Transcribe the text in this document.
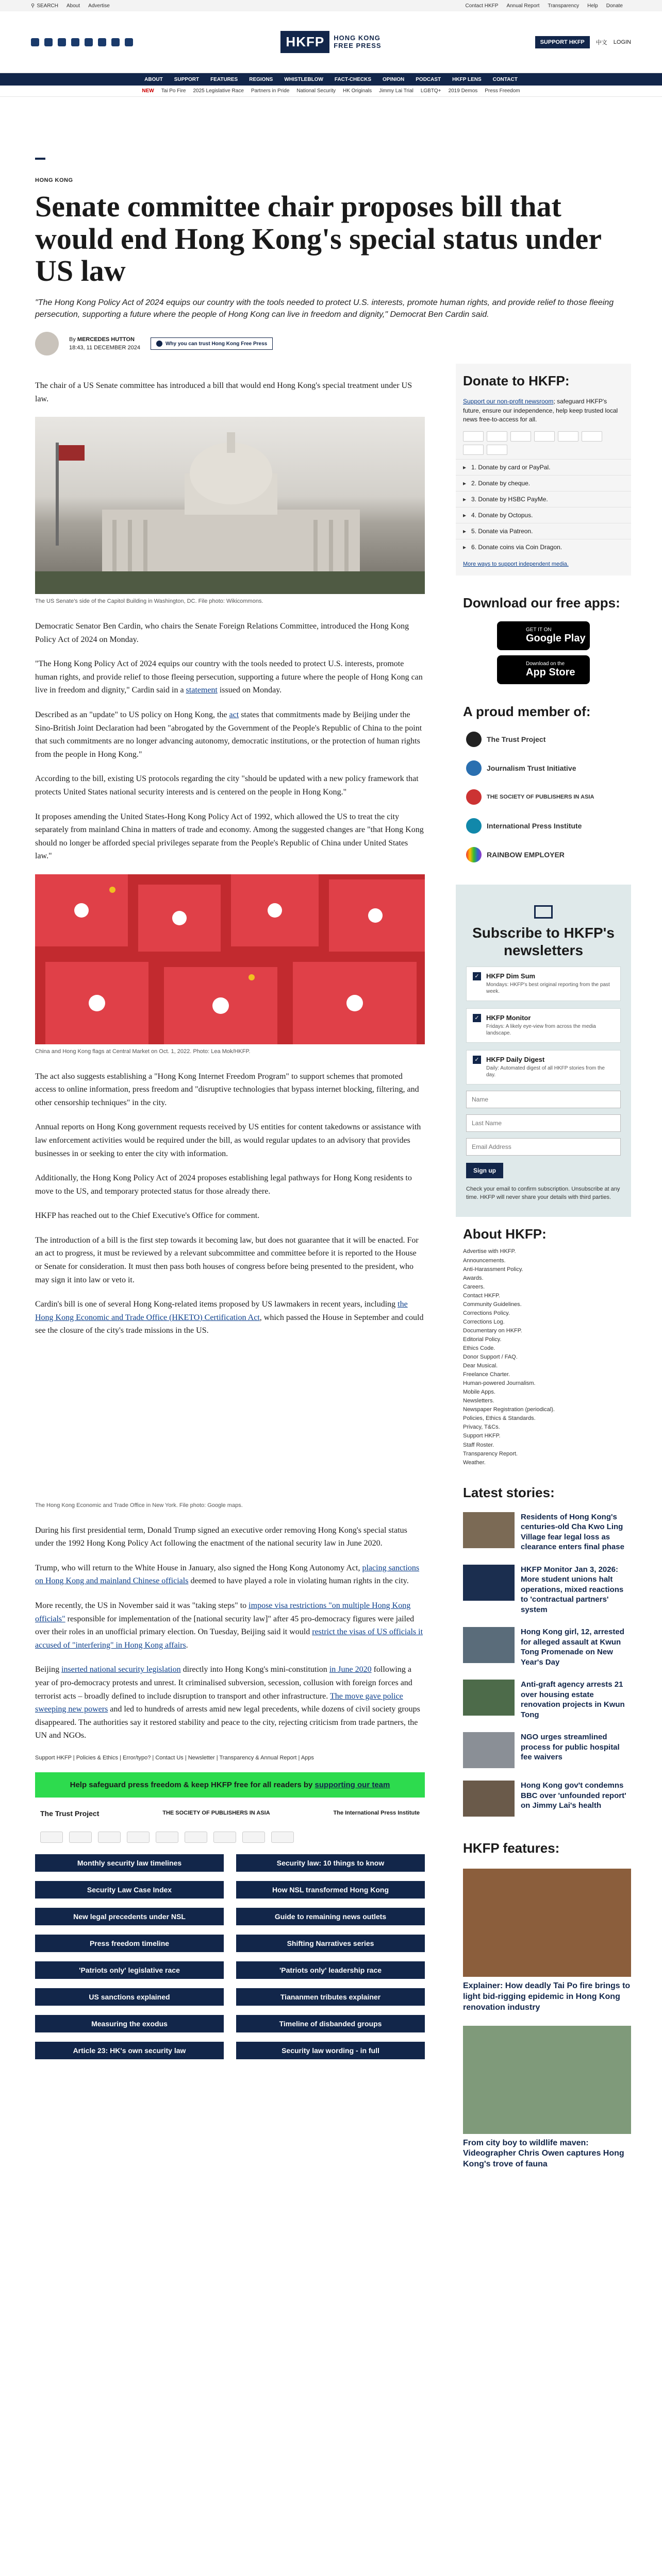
⚲ SEARCH About Advertise	Contact HKFP Annual Report Transparency Help Donate
HKFP	HONG KONG
FREE PRESS	SUPPORT HKFP	中文 LOGIN
ABOUT SUPPORT FEATURES REGIONS WHISTLEBLOW FACT-CHECKS OPINION PODCAST HKFP LENS CONTACT
NEW Tai Po Fire 2025 Legislative Race Partners in Pride National Security HK Originals Jimmy Lai Trial LGBTQ+ 2019 Demos Press Freedom
HONG KONG
Senate committee chair proposes bill that would end Hong Kong's special status under US law

"The Hong Kong Policy Act of 2024 equips our country with the tools needed to protect U.S. interests, promote human rights, and provide relief to those fleeing persecution, supporting a future where the people of Hong Kong can live in freedom and dignity," Democrat Ben Cardin said.

By MERCEDES HUTTON
18:43, 11 DECEMBER 2024
Why you can trust Hong Kong Free Press

The chair of a US Senate committee has introduced a bill that would end Hong Kong's special treatment under US law.

The US Senate's side of the Capitol Building in Washington, DC. File photo: Wikicommons.

Democratic Senator Ben Cardin, who chairs the Senate Foreign Relations Committee, introduced the Hong Kong Policy Act of 2024 on Monday.

"The Hong Kong Policy Act of 2024 equips our country with the tools needed to protect U.S. interests, promote human rights, and provide relief to those fleeing persecution, supporting a future where the people of Hong Kong can live in freedom and dignity," Cardin said in a statement issued on Monday.

Described as an "update" to US policy on Hong Kong, the act states that commitments made by Beijing under the Sino-British Joint Declaration had been "abrogated by the Government of the People's Republic of China to the point that such commitments are no longer advancing autonomy, democratic institutions, or the protection of human rights from the people in Hong Kong."

According to the bill, existing US protocols regarding the city "should be updated with a new policy framework that protects United States national security interests and is centered on the people in Hong Kong."

It proposes amending the United States-Hong Kong Policy Act of 1992, which allowed the US to treat the city separately from mainland China in matters of trade and economy. Among the suggested changes are "that Hong Kong should no longer be afforded special privileges separate from the People's Republic of China under United States law."

China and Hong Kong flags at Central Market on Oct. 1, 2022. Photo: Lea Mok/HKFP.

The act also suggests establishing a "Hong Kong Internet Freedom Program" to support schemes that promoted access to online information, press freedom and "disruptive technologies that bypass internet blocking, filtering, and other censorship techniques" in the city.

Annual reports on Hong Kong government requests received by US entities for content takedowns or assistance with law enforcement activities would be required under the bill, as would regular updates to an advisory that provides businesses in or seeking to enter the city with information.

Additionally, the Hong Kong Policy Act of 2024 proposes establishing legal pathways for Hong Kong residents to move to the US, and temporary protected status for those already there.

HKFP has reached out to the Chief Executive's Office for comment.

The introduction of a bill is the first step towards it becoming law, but does not guarantee that it will be enacted. For an act to progress, it must be reviewed by a relevant subcommittee and committee before it is reported to the House or Senate for consideration. It must then pass both houses of congress before being presented to the president, who may sign it into law or veto it.

Cardin's bill is one of several Hong Kong-related items proposed by US lawmakers in recent years, including the Hong Kong Economic and Trade Office (HKETO) Certification Act, which passed the House in September and could see the closure of the city's trade missions in the US.

The Hong Kong Economic and Trade Office in New York. File photo: Google maps.

During his first presidential term, Donald Trump signed an executive order removing Hong Kong's special status under the 1992 Hong Kong Policy Act following the enactment of the national security law in June 2020.

Trump, who will return to the White House in January, also signed the Hong Kong Autonomy Act, placing sanctions on Hong Kong and mainland Chinese officials deemed to have played a role in violating human rights in the city.

More recently, the US in November said it was "taking steps" to impose visa restrictions "on multiple Hong Kong officials" responsible for implementation of the [national security law]" after 45 pro-democracy figures were jailed over their roles in an unofficial primary election. On Tuesday, Beijing said it would restrict the visas of US officials it accused of "interfering" in Hong Kong affairs.

Beijing inserted national security legislation directly into Hong Kong's mini-constitution in June 2020 following a year of pro-democracy protests and unrest. It criminalised subversion, secession, collusion with foreign forces and terrorist acts – broadly defined to include disruption to transport and other infrastructure. The move gave police sweeping new powers and led to hundreds of arrests amid new legal precedents, while dozens of civil society groups disappeared. The authorities say it restored stability and peace to the city, rejecting criticism from trade partners, the UN and NGOs.

Support HKFP | Policies & Ethics | Error/typo? | Contact Us | Newsletter | Transparency & Annual Report | Apps
Help safeguard press freedom & keep HKFP free for all readers by supporting our team
The Trust Project	THE SOCIETY OF PUBLISHERS IN ASIA	The International Press Institute
Monthly security law timelines	Security law: 10 things to know
Security Law Case Index	How NSL transformed Hong Kong
New legal precedents under NSL	Guide to remaining news outlets
Press freedom timeline	Shifting Narratives series
'Patriots only' legislative race	'Patriots only' leadership race
US sanctions explained	Tiananmen tributes explainer
Measuring the exodus	Timeline of disbanded groups
Article 23: HK's own security law	Security law wording - in full
Donate to HKFP:

Support our non-profit newsroom; safeguard HKFP's future, ensure our independence, help keep trusted local news free-to-access for all.

▸ 1. Donate by card or PayPal.
▸ 2. Donate by cheque.
▸ 3. Donate by HSBC PayMe.
▸ 4. Donate by Octopus.
▸ 5. Donate via Patreon.
▸ 6. Donate coins via Coin Dragon.
More ways to support independent media.
Download our free apps:
GET IT ON
Google Play
Download on the
App Store
A proud member of:
The Trust Project
Journalism Trust Initiative
THE SOCIETY OF PUBLISHERS IN ASIA
International Press Institute
RAINBOW EMPLOYER
Subscribe to HKFP's newsletters
✓ HKFP Dim Sum
Mondays: HKFP's best original reporting from the past week.
✓ HKFP Monitor
Fridays: A likely eye-view from across the media landscape.
✓ HKFP Daily Digest
Daily: Automated digest of all HKFP stories from the day.
Name
Last Name
Email Address Sign up
Check your email to confirm subscription. Unsubscribe at any time. HKFP will never share your details with third parties.
About HKFP:
Advertise with HKFP.
Announcements.
Anti-Harassment Policy.
Awards.
Careers.
Contact HKFP.
Community Guidelines.
Corrections Policy.
Corrections Log.
Documentary on HKFP.
Editorial Policy.
Ethics Code.
Donor Support / FAQ.
Dear Musical.
Freelance Charter.
Human-powered Journalism.
Mobile Apps.
Newsletters.
Newspaper Registration (periodical).
Policies, Ethics & Standards.
Privacy, T&Cs.
Support HKFP.
Staff Roster.
Transparency Report.
Weather.
Latest stories:
Residents of Hong Kong's centuries-old Cha Kwo Ling Village fear legal loss as clearance enters final phase
HKFP Monitor Jan 3, 2026: More student unions halt operations, mixed reactions to 'contractual partners' system
Hong Kong girl, 12, arrested for alleged assault at Kwun Tong Promenade on New Year's Day
Anti-graft agency arrests 21 over housing estate renovation projects in Kwun Tong
NGO urges streamlined process for public hospital fee waivers
Hong Kong gov't condemns BBC over 'unfounded report' on Jimmy Lai's health
HKFP features:
Explainer: How deadly Tai Po fire brings to light bid-rigging epidemic in Hong Kong renovation industry
From city boy to wildlife maven: Videographer Chris Owen captures Hong Kong's trove of fauna
